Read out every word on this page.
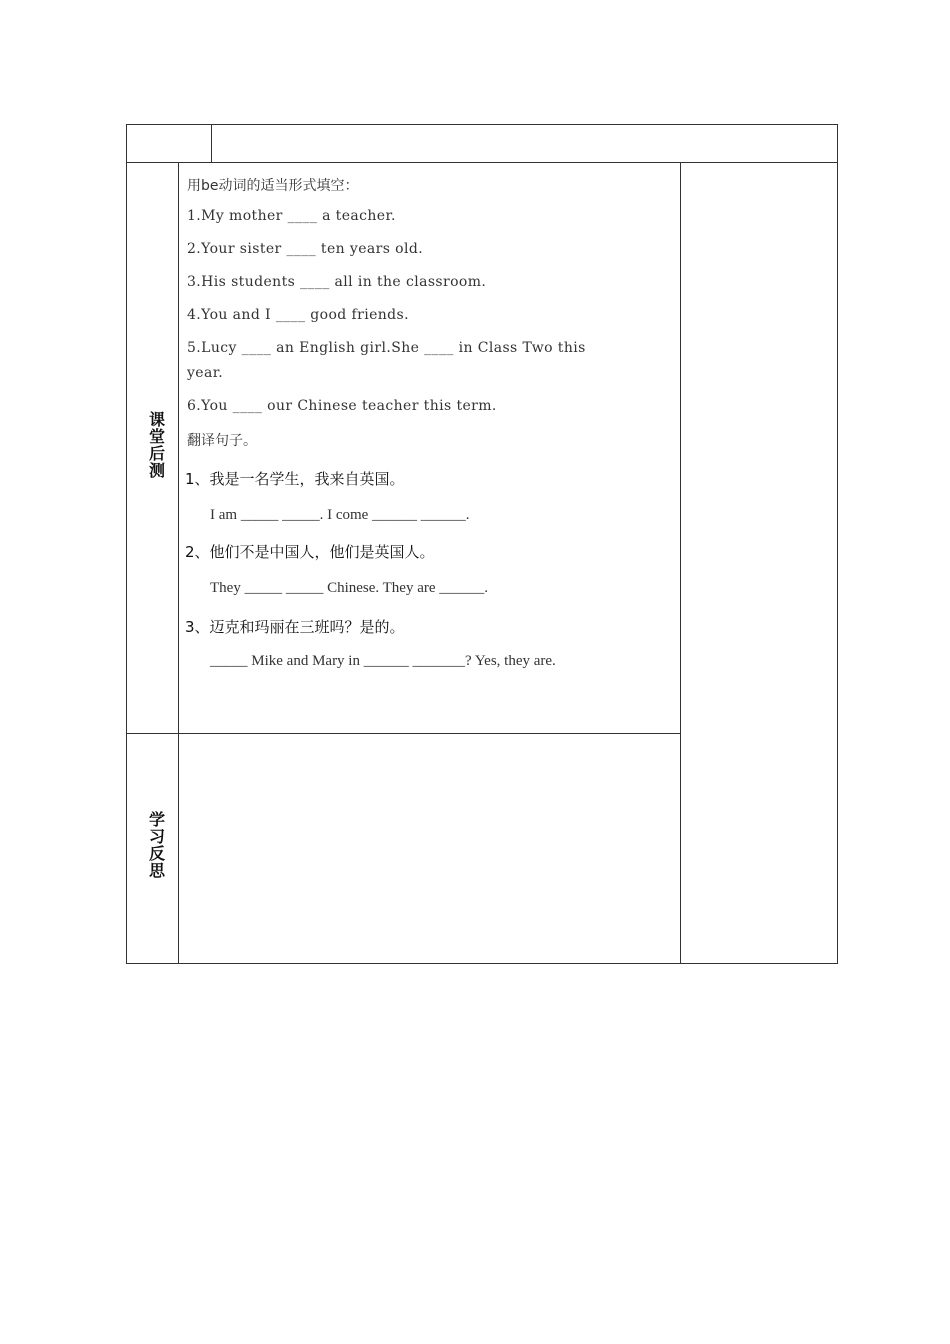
课堂后测
学习反思
用be动词的适当形式填空：
1.My mother ____ a teacher.
2.Your sister ____ ten years old.
3.His students ____ all in the classroom.
4.You and I ____ good friends.
5.Lucy ____ an English girl.She ____ in Class Two this
year.
6.You ____ our Chinese teacher this term.
翻译句子。
1、我是一名学生，我来自英国。
I am _____ _____. I come ______ ______.
2、他们不是中国人，他们是英国人。
They _____ _____ Chinese. They are ______.
3、迈克和玛丽在三班吗？是的。
_____ Mike and Mary in ______ _______? Yes, they are.
